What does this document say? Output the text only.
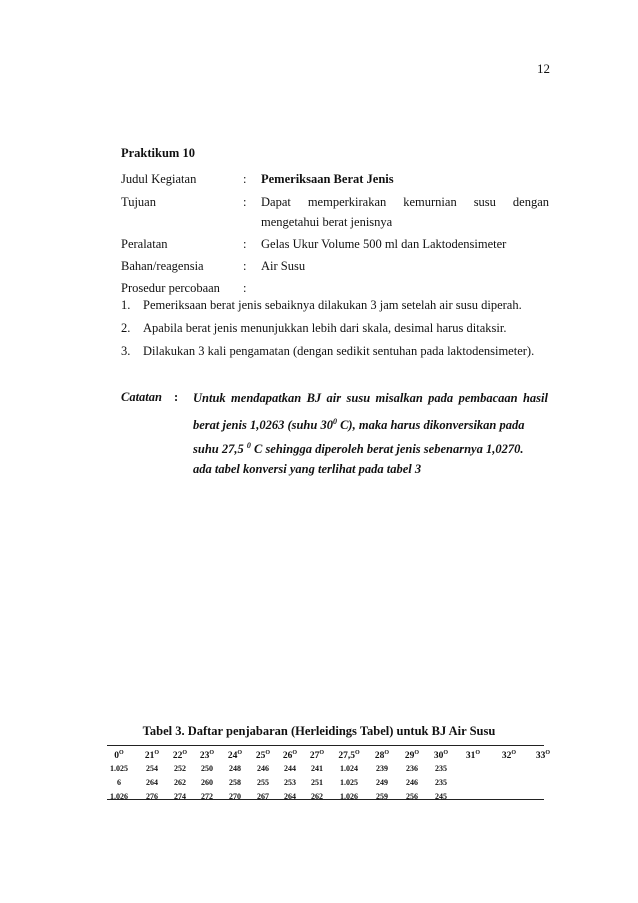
12
Praktikum 10
Judul Kegiatan	: Pemeriksaan Berat Jenis
Tujuan	: Dapat memperkirakan kemurnian susu dengan
mengetahui berat jenisnya
Peralatan	: Gelas Ukur Volume 500 ml dan Laktodensimeter
Bahan/reagensia	: Air Susu
Prosedur percobaan :
1. Pemeriksaan berat jenis sebaiknya dilakukan 3 jam setelah air susu diperah.
2. Apabila berat jenis menunjukkan lebih dari skala, desimal harus ditaksir.
3. Dilakukan 3 kali pengamatan (dengan sedikit sentuhan pada laktodensimeter).
Catatan : Untuk mendapatkan BJ air susu misalkan pada pembacaan hasil
berat jenis 1,0263 (suhu $30^0$ C), maka harus dikonversikan pada
suhu 27,5 $^0$ C sehingga diperoleh berat jenis sebenarnya 1,0270.
ada tabel konversi yang terlihat pada tabel 3
Tabel 3. Daftar penjabaran (Herleidings Tabel) untuk BJ Air Susu
$0^O$	$21^O$	$22^O$	$23^O$	$24^O$	$25^O$	$26^O$	$27^O$	$27,5^O$	$28^O$	$29^O$	$30^O$	$31^O$	$32^O$	$33^O$
1.025	254	252	250	248	246	244	241	1.024	239	236	235
6	264	262	260	258	255	253	251	1.025	249	246	235
1.026	276	274	272	270	267	264	262	1.026	259	256	245
